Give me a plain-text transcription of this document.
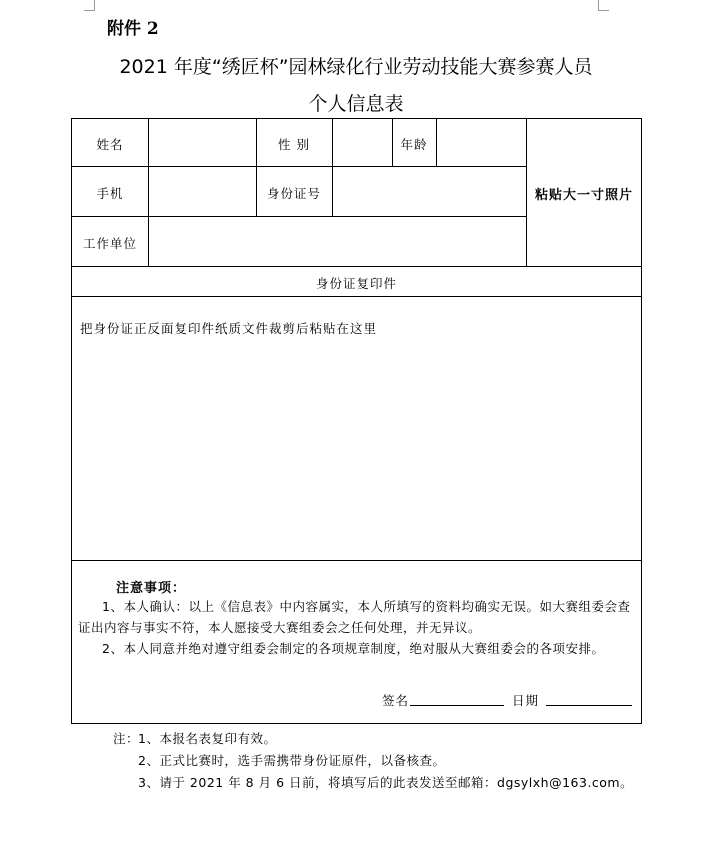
附件 2
2021 年度“绣匠杯”园林绿化行业劳动技能大赛参赛人员
个人信息表
姓名	性 别	年龄
手机	身份证号
工作单位
粘贴大一寸照片
身份证复印件
把身份证正反面复印件纸质文件裁剪后粘贴在这里
注意事项：
1、本人确认：以上《信息表》中内容属实，本人所填写的资料均确实无误。如大赛组委会查证出内容与事实不符，本人愿接受大赛组委会之任何处理，并无异议。
2、本人同意并绝对遵守组委会制定的各项规章制度，绝对服从大赛组委会的各项安排。
签名	日期
注：
1、本报名表复印有效。
2、正式比赛时，选手需携带身份证原件，以备核查。
3、请于 2021 年 8 月 6 日前，将填写后的此表发送至邮箱：dgsylxh@163.com。
